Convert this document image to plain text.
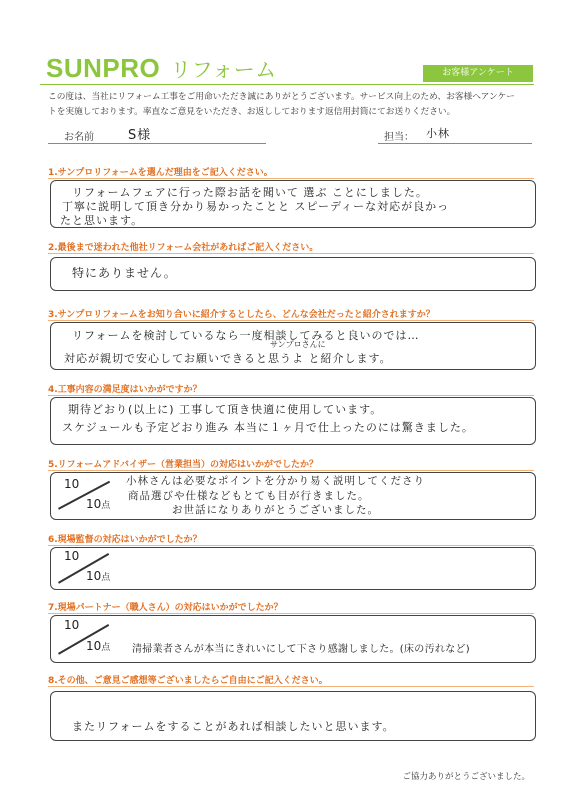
SUNPRO リフォーム	お客様アンケート
この度は、当社にリフォーム工事をご用命いただき誠にありがとうございます。サービス向上のため、お客様へアンケー
トを実施しております。率直なご意見をいただき、お返ししております返信用封筒にてお送りください。
お名前	S様	担当： 小林
1.サンプロリフォームを選んだ理由をご記入ください。
リフォームフェアに行った際お話を聞いて 選ぶ ことにしました。
丁寧に説明して頂き分かり易かったことと スピーディーな対応が良かっ
たと思います。
2.最後まで迷われた他社リフォーム会社があればご記入ください。
特にありません。
3.サンプロリフォームをお知り合いに紹介するとしたら、どんな会社だったと紹介されますか？
リフォームを検討しているなら一度相談してみると良いのでは…
サンプロさんに
対応が親切で安心してお願いできると思うよ と紹介します。
4.工事内容の満足度はいかがですか？
期待どおり(以上に) 工事して頂き快適に使用しています。
スケジュールも予定どおり進み 本当に１ヶ月で仕上ったのには驚きました。
5.リフォームアドバイザー（営業担当）の対応はいかがでしたか？
10
10点
小林さんは必要なポイントを分かり易く説明してくださり
商品選びや仕様などもとても目が行きました。
お世話になりありがとうございました。
6.現場監督の対応はいかがでしたか？
10
10点
7.現場パートナー（職人さん）の対応はいかがでしたか？
10
10点 清掃業者さんが本当にきれいにして下さり感謝しました。(床の汚れなど)
8.その他、ご意見ご感想等ございましたらご自由にご記入ください。
またリフォームをすることがあれば相談したいと思います。
ご協力ありがとうございました。
